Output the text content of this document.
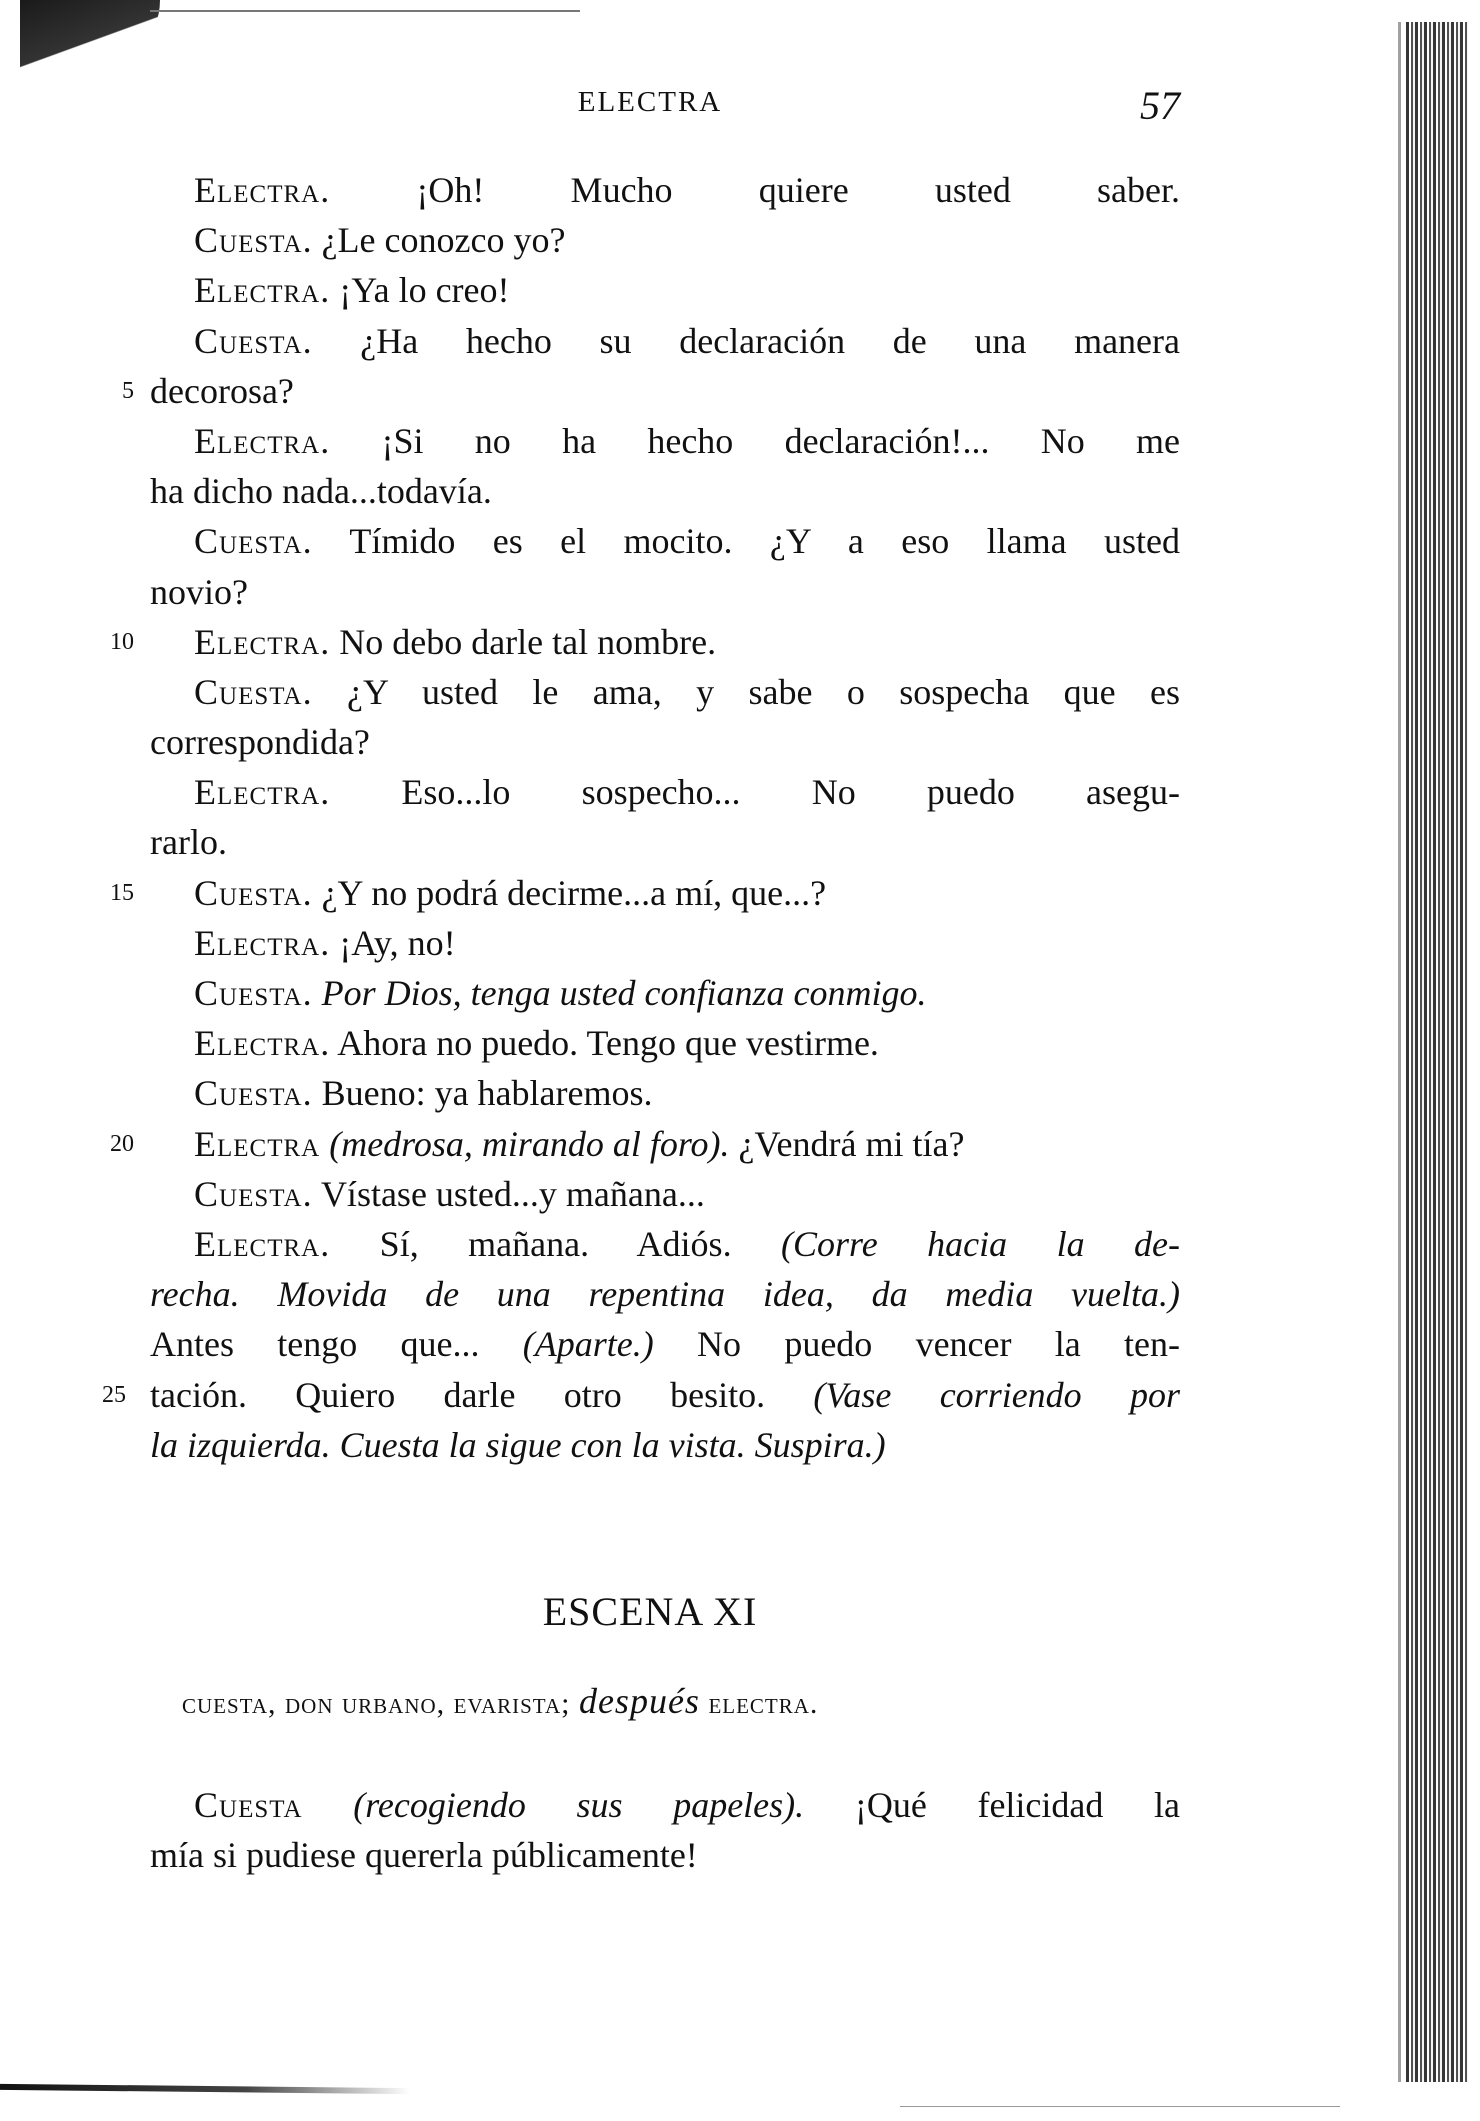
ELECTRA	57
Electra. ¡Oh! Mucho quiere usted saber.
Cuesta. ¿Le conozco yo?
Electra. ¡Ya lo creo!
Cuesta. ¿Ha hecho su declaración de una manera
5 decorosa?
Electra. ¡Si no ha hecho declaración!... No me
ha dicho nada...todavía.
Cuesta. Tímido es el mocito. ¿Y a eso llama usted
novio?
10 Electra. No debo darle tal nombre.
Cuesta. ¿Y usted le ama, y sabe o sospecha que es
correspondida?
Electra. Eso...lo sospecho... No puedo asegu-
rarlo.
15 Cuesta. ¿Y no podrá decirme...a mí, que...?
Electra. ¡Ay, no!
Cuesta. Por Dios, tenga usted confianza conmigo.
Electra. Ahora no puedo. Tengo que vestirme.
Cuesta. Bueno: ya hablaremos.
20 Electra (medrosa, mirando al foro). ¿Vendrá mi tía?
Cuesta. Vístase usted...y mañana...
Electra. Sí, mañana. Adiós. (Corre hacia la de-
recha. Movida de una repentina idea, da media vuelta.)
Antes tengo que... (Aparte.) No puedo vencer la ten-
25 tación. Quiero darle otro besito. (Vase corriendo por
la izquierda. Cuesta la sigue con la vista. Suspira.)
ESCENA XI
cuesta, don urbano, evarista; después electra.
Cuesta (recogiendo sus papeles). ¡Qué felicidad la
mía si pudiese quererla públicamente!
